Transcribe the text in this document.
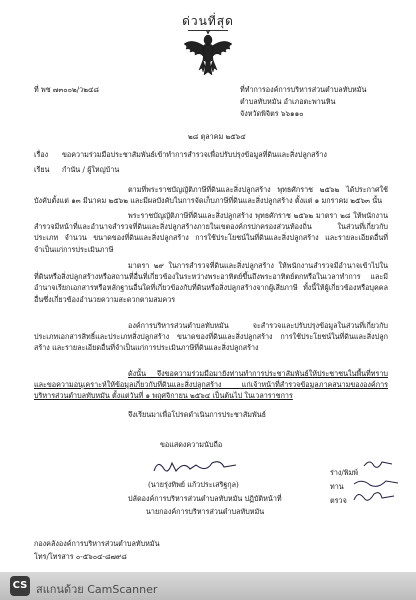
ด่วนที่สุด
ที่ พช ๗๓๐๐๒/ว๒๔๘	ที่ทำการองค์การบริหารส่วนตำบลทับหมัน
ตำบลทับหมัน อำเภอตะพานหิน
จังหวัดพิจิตร ๖๖๑๑๐
๒๘ ตุลาคม ๒๕๖๔
เรื่อง ขอความร่วมมือประชาสัมพันธ์เข้าทำการสำรวจเพื่อปรับปรุงข้อมูลที่ดินและสิ่งปลูกสร้าง
เรียน กำนัน / ผู้ใหญ่บ้าน
ตามที่พระราชบัญญัติภาษีที่ดินและสิ่งปลูกสร้าง พุทธศักราช ๒๕๖๒ ได้ประกาศใช้บังคับตั้งแต่ ๑๓ มีนาคม ๒๕๖๒ และมีผลบังคับในการจัดเก็บภาษีที่ดินและสิ่งปลูกสร้าง ตั้งแต่ ๑ มกราคม ๒๕๖๓ นั้น
พระราชบัญญัติภาษีที่ดินและสิ่งปลูกสร้าง พุทธศักราช ๒๕๖๒ มาตรา ๒๘ ให้พนักงานสำรวจมีหน้าที่และอำนาจสำรวจที่ดินและสิ่งปลูกสร้างภายในเขตองค์กรปกครองส่วนท้องถิ่น ในส่วนที่เกี่ยวกับประเภท จำนวน ขนาดของที่ดินและสิ่งปลูกสร้าง การใช้ประโยชน์ในที่ดินและสิ่งปลูกสร้าง และรายละเอียดอื่นที่จำเป็นแก่การประเมินภาษี
มาตรา ๒๙ ในการสำรวจที่ดินและสิ่งปลูกสร้าง ให้พนักงานสำรวจมีอำนาจเข้าไปในที่ดินหรือสิ่งปลูกสร้างหรือสถานที่อื่นที่เกี่ยวข้องในระหว่างพระอาทิตย์ขึ้นถึงพระอาทิตย์ตกหรือในเวลาทำการ และมีอำนาจเรียกเอกสารหรือหลักฐานอื่นใดที่เกี่ยวข้องกับที่ดินหรือสิ่งปลูกสร้างจากผู้เสียภาษี ทั้งนี้ให้ผู้เกี่ยวข้องหรือบุคคลอื่นซึ่งเกี่ยวข้องอำนวยความสะดวกตามสมควร
องค์การบริหารส่วนตำบลทับหมัน จะสำรวจและปรับปรุงข้อมูลในส่วนที่เกี่ยวกับประเภทเอกสารสิทธิ์และประเภทสิ่งปลูกสร้าง ขนาดของที่ดินและสิ่งปลูกสร้าง การใช้ประโยชน์ในที่ดินและสิ่งปลูกสร้าง และรายละเอียดอื่นที่จำเป็นแก่การประเมินภาษีที่ดินและสิ่งปลูกสร้าง
ดังนั้น จึงขอความร่วมมือมายังท่านทำการประชาสัมพันธ์ให้ประชาชนในพื้นที่ทราบและขอความอนุเคราะห์ให้ข้อมูลเกี่ยวกับที่ดินและสิ่งปลูกสร้าง แก่เจ้าหน้าที่สำรวจข้อมูลภาคสนามขององค์การบริหารส่วนตำบลทับหมัน ตั้งแต่วันที่ ๑ พฤศจิกายน ๒๕๖๔ เป็นต้นไป ในเวลาราชการ
จึงเรียนมาเพื่อโปรดดำเนินการประชาสัมพันธ์
ขอแสดงความนับถือ
(นายรุ่งทิพย์ แก้วประเสริฐกุล)
ปลัดองค์การบริหารส่วนตำบลทับหมัน ปฏิบัติหน้าที่
นายกองค์การบริหารส่วนตำบลทับหมัน
ร่าง/พิมพ์
ทาน
ตรวจ
กองคลังองค์การบริหารส่วนตำบลทับหมัน
โทร/โทรสาร ๐-๕๖๐๔-๘๗๙๘
CS สแกนด้วย CamScanner
